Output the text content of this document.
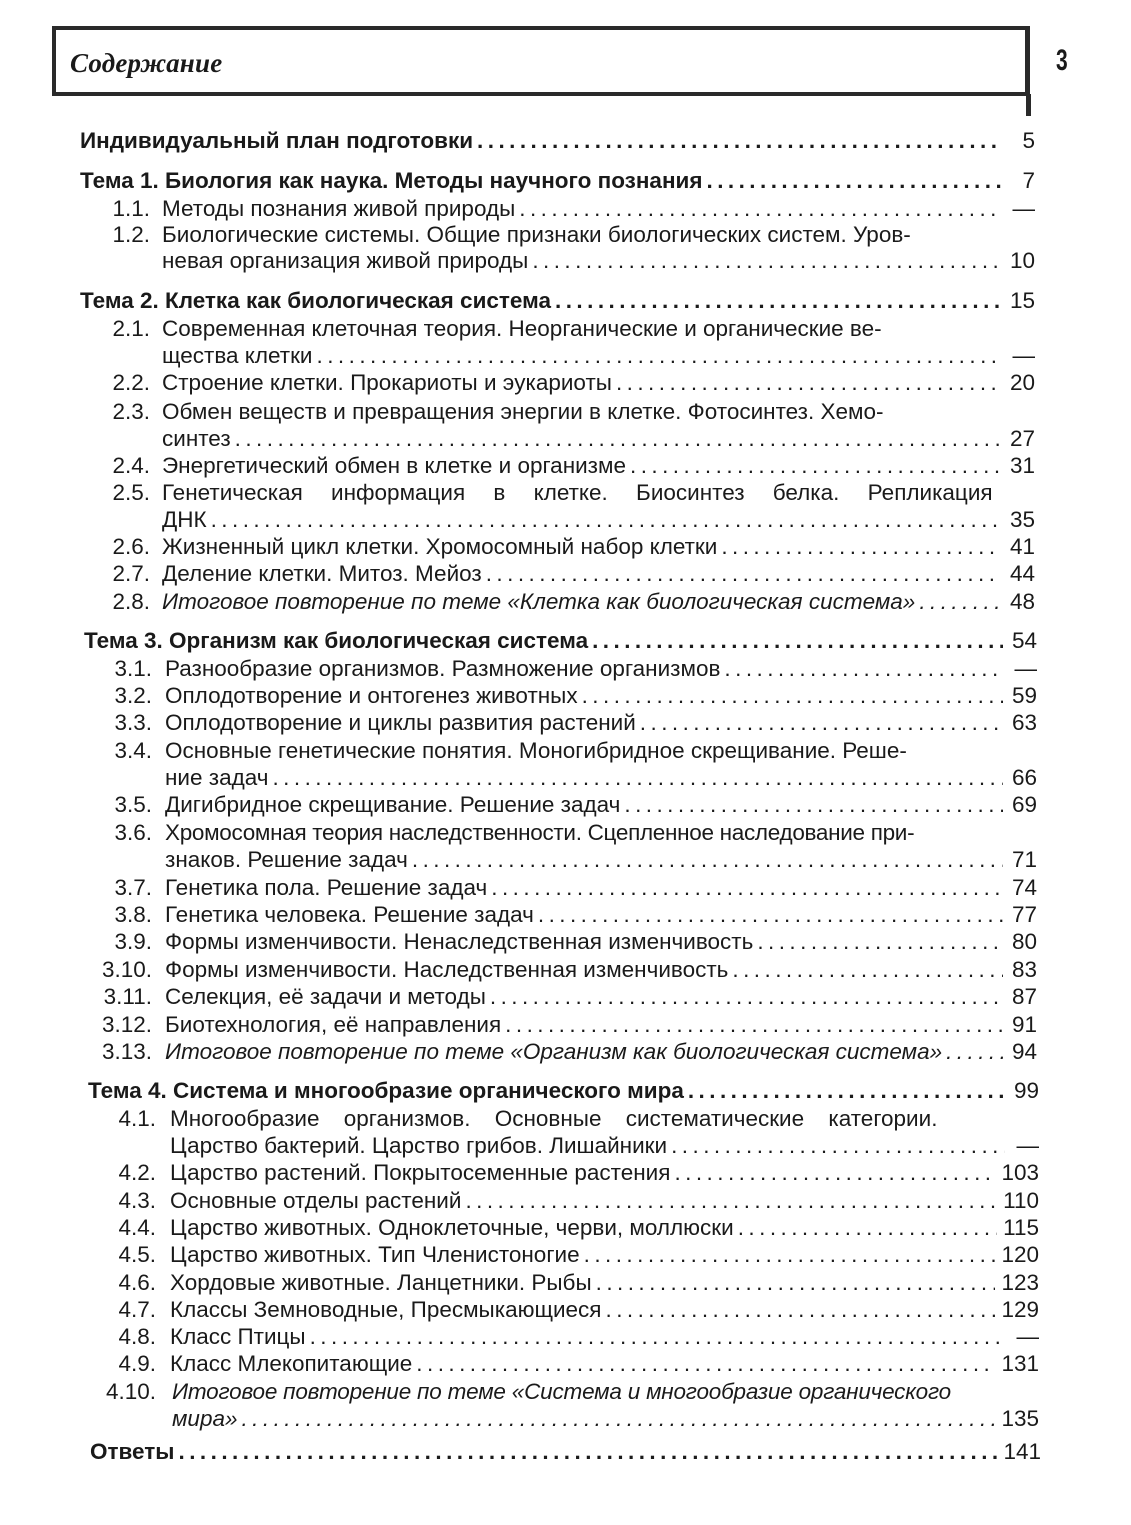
Содержание	3
Индивидуальный план подготовки . . .	5
Тема 1. Биология как наука. Методы научного познания . . .	7
1.1. Методы познания живой природы . . .	—
1.2. Биологические системы. Общие признаки биологических систем. Уров-
невая организация живой природы . . .	10
Тема 2. Клетка как биологическая система . . .	15
2.1. Современная клеточная теория. Неорганические и органические ве-
щества клетки . . .	—
2.2. Строение клетки. Прокариоты и эукариоты . . .	20
2.3. Обмен веществ и превращения энергии в клетке. Фотосинтез. Хемо-
синтез . . .	27
2.4. Энергетический обмен в клетке и организме . . .	31
2.5. Генетическая информация в клетке. Биосинтез белка. Репликация
ДНК . . .	35
2.6. Жизненный цикл клетки. Хромосомный набор клетки . . .	41
2.7. Деление клетки. Митоз. Мейоз . . .	44
2.8. Итоговое повторение по теме «Клетка как биологическая система» . . .	48
Тема 3. Организм как биологическая система . . .	54
3.1. Разнообразие организмов. Размножение организмов . . .	—
3.2. Оплодотворение и онтогенез животных . . .	59
3.3. Оплодотворение и циклы развития растений . . .	63
3.4. Основные генетические понятия. Моногибридное скрещивание. Реше-
ние задач . . .	66
3.5. Дигибридное скрещивание. Решение задач . . .	69
3.6. Хромосомная теория наследственности. Сцепленное наследование при-
знаков. Решение задач . . .	71
3.7. Генетика пола. Решение задач . . .	74
3.8. Генетика человека. Решение задач . . .	77
3.9. Формы изменчивости. Ненаследственная изменчивость . . .	80
3.10. Формы изменчивости. Наследственная изменчивость . . .	83
3.11. Селекция, её задачи и методы . . .	87
3.12. Биотехнология, её направления . . .	91
3.13. Итоговое повторение по теме «Организм как биологическая система» . . .	94
Тема 4. Система и многообразие органического мира . . .	99
4.1. Многообразие организмов. Основные систематические категории.
Царство бактерий. Царство грибов. Лишайники . . .	—
4.2. Царство растений. Покрытосеменные растения . . .	103
4.3. Основные отделы растений . . .	110
4.4. Царство животных. Одноклеточные, черви, моллюски . . .	115
4.5. Царство животных. Тип Членистоногие . . .	120
4.6. Хордовые животные. Ланцетники. Рыбы . . .	123
4.7. Классы Земноводные, Пресмыкающиеся . . .	129
4.8. Класс Птицы . . .	—
4.9. Класс Млекопитающие . . .	131
4.10. Итоговое повторение по теме «Система и многообразие органического
мира» . . .	135
Ответы . . .	141
